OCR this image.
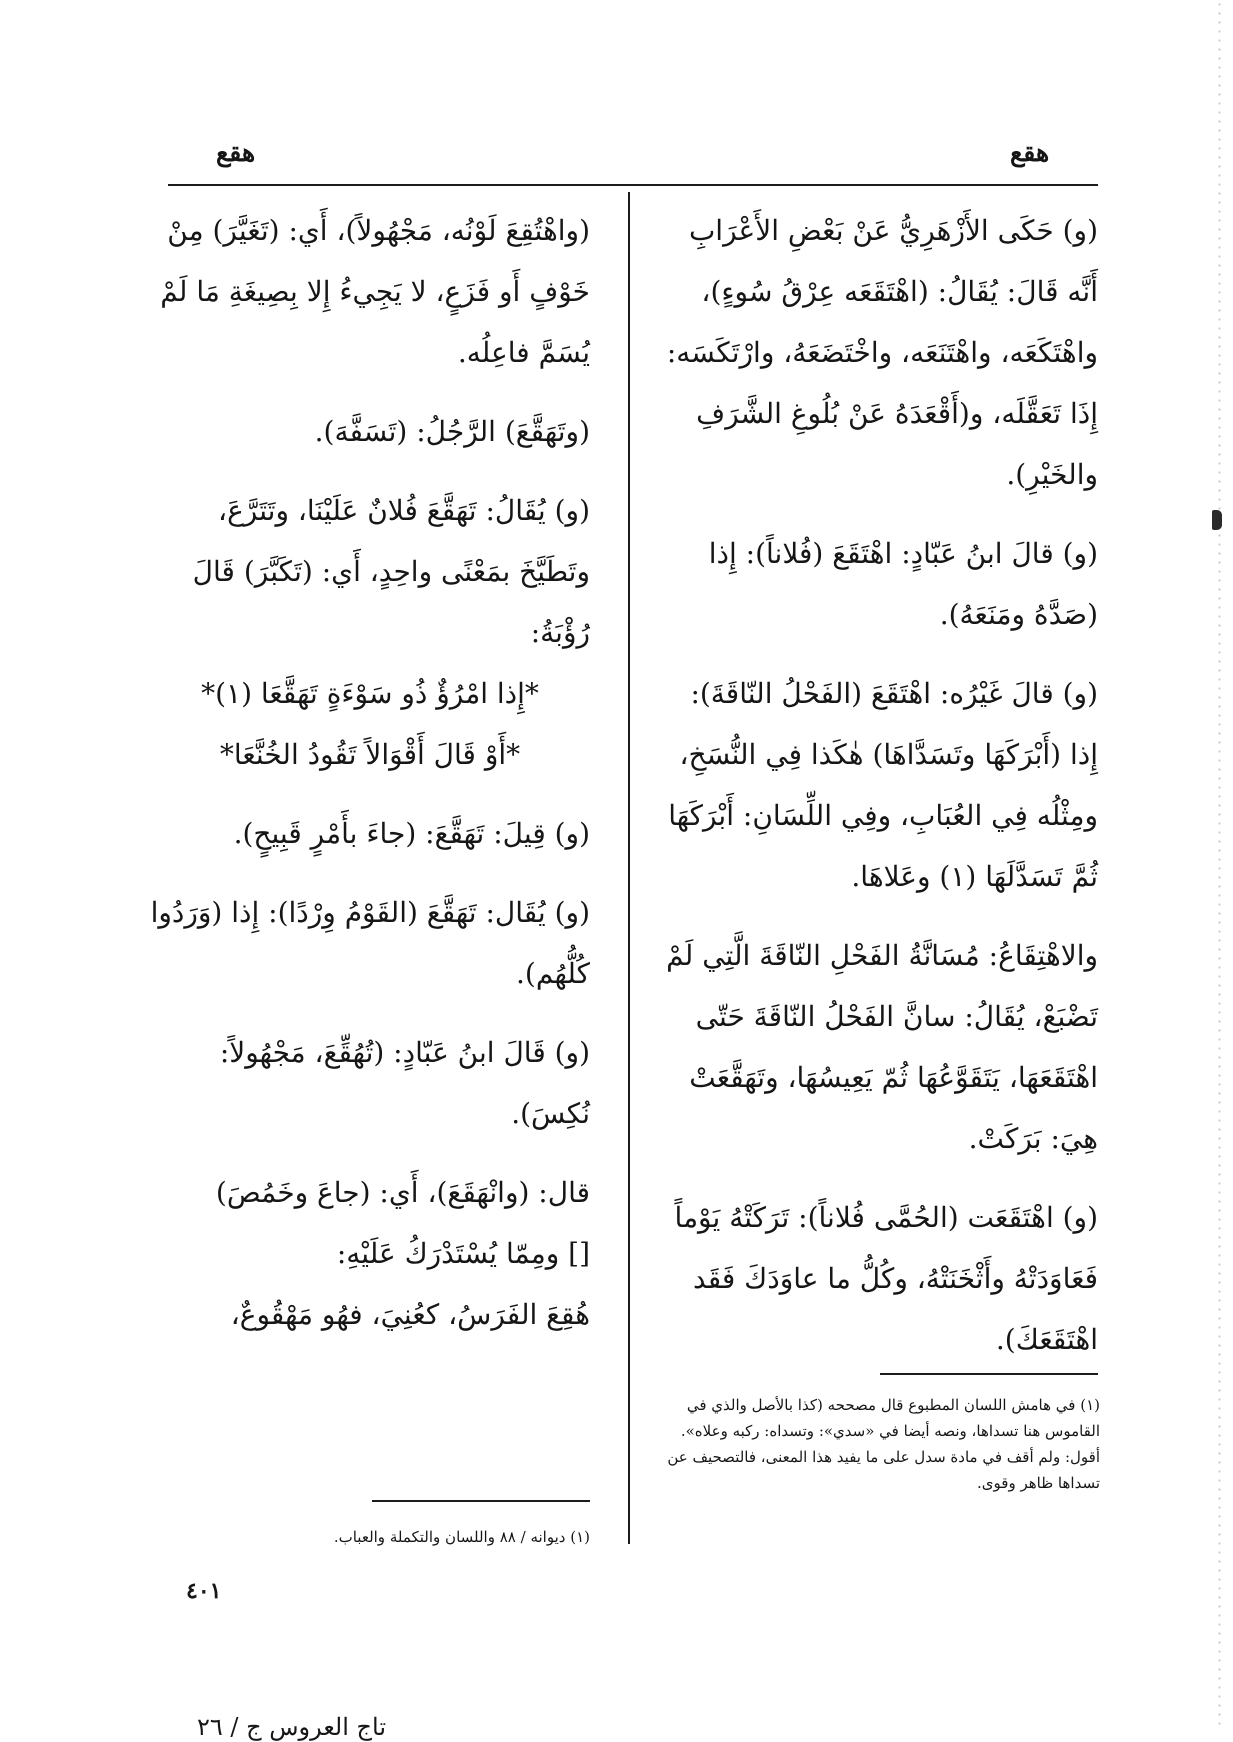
هقع
هقع

(و) حَكَى الأَزْهَرِيُّ عَنْ بَعْضِ الأَعْرَابِ أَنَّه قَالَ: يُقَالُ: (اهْتَقَعَه عِرْقُ سُوءٍ)، واهْتَكَعَه، واهْتَنَعَه، واخْتَضَعَهُ، وارْتَكَسَه: إِذَا تَعَقَّلَه، و(أَقْعَدَهُ عَنْ بُلُوغِ الشَّرَفِ والخَيْرِ).

(و) قالَ ابنُ عَبّادٍ: اهْتَقَعَ (فُلاناً): إِذا (صَدَّهُ ومَنَعَهُ).

(و) قالَ غَيْرُه: اهْتَقَعَ (الفَحْلُ النّاقَةَ): إِذا (أَبْرَكَهَا وتَسَدَّاهَا) هٰكَذا فِي النُّسَخِ، ومِثْلُه فِي العُبَابِ، وفِي اللِّسَانِ: أَبْرَكَهَا ثُمَّ تَسَدَّلَهَا (١) وعَلاهَا.

والاهْتِقَاعُ: مُسَانَّةُ الفَحْلِ النّاقَةَ الَّتِي لَمْ تَضْبَعْ، يُقَالُ: سانَّ الفَحْلُ النّاقَةَ حَتّى اهْتَقَعَهَا، يَتَقَوَّعُهَا ثُمّ يَعِيسُهَا، وتَهَقَّعَتْ هِيَ: بَرَكَتْ.

(و) اهْتَقَعَت (الحُمَّى فُلاناً): تَرَكَتْهُ يَوْماً فَعَاوَدَتْهُ وأَثْخَنَتْهُ، وكُلُّ ما عاوَدَكَ فَقَد اهْتَقَعَكَ).

(١) في هامش اللسان المطبوع قال مصححه (كذا بالأصل والذي في القاموس هنا تسداها، ونصه أيضا في «سدي»: وتسداه: ركبه وعلاه». أقول: ولم أقف في مادة سدل على ما يفيد هذا المعنى، فالتصحيف عن تسداها ظاهر وقوى.

(واهْتُقِعَ لَوْنُه، مَجْهُولاً)، أَي: (تَغَيَّرَ) مِنْ خَوْفٍ أَو فَزَعٍ، لا يَجِيءُ إِلا بِصِيغَةِ مَا لَمْ يُسَمَّ فاعِلُه.

(وتَهَقَّعَ) الرَّجُلُ: (تَسَفَّهَ).

(و) يُقَالُ: تَهَقَّعَ فُلانٌ عَلَيْنَا، وتَتَرَّعَ، وتَطَيَّخَ بمَعْنًى واحِدٍ، أَي: (تَكَبَّرَ) قَالَ رُؤْبَةُ:

*إِذا امْرُؤٌ ذُو سَوْءَةٍ تَهَقَّعَا (١)*

*أَوْ قَالَ أَقْوَالاً تَقُودُ الخُنَّعَا*

(و) قِيلَ: تَهَقَّعَ: (جاءَ بأَمْرٍ قَبِيحٍ).

(و) يُقَال: تَهَقَّعَ (القَوْمُ وِرْدًا): إِذا (وَرَدُوا كُلُّهُم).

(و) قَالَ ابنُ عَبّادٍ: (تُهُقِّعَ، مَجْهُولاً: نُكِسَ).

قال: (وانْهَقَعَ)، أَي: (جاعَ وخَمُصَ)

[] ومِمّا يُسْتَدْرَكُ عَلَيْهِ:

هُقِعَ الفَرَسُ، كعُنِيَ، فهُو مَهْقُوعٌ،

(١) ديوانه / ٨٨ واللسان والتكملة والعباب.
٤٠١
تاج العروس ج / ٢٦
